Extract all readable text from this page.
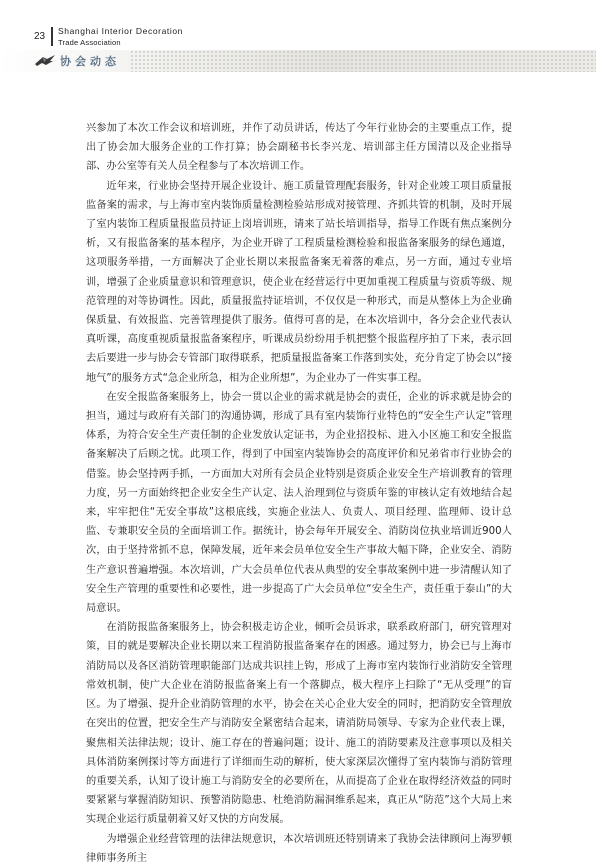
23 Shanghai Interior Decoration
Trade Association
协会动态

兴参加了本次工作会议和培训班，并作了动员讲话，传达了今年行业协会的主要重点工作，提出了协会加大服务企业的工作打算；协会副秘书长李兴龙、培训部主任方国清以及企业指导部、办公室等有关人员全程参与了本次培训工作。

近年来，行业协会坚持开展企业设计、施工质量管理配套服务，针对企业竣工项目质量报监备案的需求，与上海市室内装饰质量检测检验站形成对接管理、齐抓共管的机制，及时开展了室内装饰工程质量报监员持证上岗培训班，请来了站长培训指导，指导工作既有焦点案例分析，又有报监备案的基本程序，为企业开辟了工程质量检测检验和报监备案服务的绿色通道，这项服务举措，一方面解决了企业长期以来报监备案无着落的难点，另一方面，通过专业培训，增强了企业质量意识和管理意识，使企业在经营运行中更加重视工程质量与资质等级、规范管理的对等协调性。因此，质量报监持证培训，不仅仅是一种形式，而是从整体上为企业确保质量、有效报监、完善管理提供了服务。值得可喜的是，在本次培训中，各分会企业代表认真听课，高度重视质量报监备案程序，听课成员纷纷用手机把整个报监程序拍了下来，表示回去后要进一步与协会专管部门取得联系，把质量报监备案工作落到实处，充分肯定了协会以“接地气”的服务方式“急企业所急，相为企业所想”，为企业办了一件实事工程。

在安全报监备案服务上，协会一贯以企业的需求就是协会的责任，企业的诉求就是协会的担当，通过与政府有关部门的沟通协调，形成了具有室内装饰行业特色的“安全生产认定”管理体系，为符合安全生产责任制的企业发放认定证书，为企业招投标、进入小区施工和安全报监备案解决了后顾之忧。此项工作，得到了中国室内装饰协会的高度评价和兄弟省市行业协会的借鉴。协会坚持两手抓，一方面加大对所有会员企业特别是资质企业安全生产培训教育的管理力度，另一方面始终把企业安全生产认定、法人治理到位与资质年鉴的审核认定有效地结合起来，牢牢把住“无安全事故”这根底线，实施企业法人、负责人、项目经理、监理师、设计总监、专兼职安全员的全面培训工作。据统计，协会每年开展安全、消防岗位执业培训近900人次，由于坚持常抓不息，保障发展，近年来会员单位安全生产事故大幅下降，企业安全、消防生产意识普遍增强。本次培训，广大会员单位代表从典型的安全事故案例中进一步清醒认知了安全生产管理的重要性和必要性，进一步提高了广大会员单位“安全生产，责任重于泰山”的大局意识。

在消防报监备案服务上，协会积极走访企业，倾听会员诉求，联系政府部门，研究管理对策，目的就是要解决企业长期以来工程消防报监备案存在的困惑。通过努力，协会已与上海市消防局以及各区消防管理职能部门达成共识挂上钩，形成了上海市室内装饰行业消防安全管理常效机制，使广大企业在消防报监备案上有一个落脚点，极大程序上扫除了“无从受理”的盲区。为了增强、提升企业消防管理的水平，协会在关心企业大安全的同时，把消防安全管理放在突出的位置，把安全生产与消防安全紧密结合起来，请消防局领导、专家为企业代表上课，聚焦相关法律法规；设计、施工存在的普遍问题；设计、施工的消防要素及注意事项以及相关具体消防案例探讨等方面进行了详细而生动的解析，使大家深层次懂得了室内装饰与消防管理的重要关系，认知了设计施工与消防安全的必要所在，从而提高了企业在取得经济效益的同时要紧紧与掌握消防知识、预警消防隐患、杜绝消防漏洞维系起来，真正从“防范”这个大局上来实现企业运行质量朝着又好又快的方向发展。

为增强企业经营管理的法律法规意识，本次培训班还特别请来了我协会法律顾问上海罗顿律师事务所主
